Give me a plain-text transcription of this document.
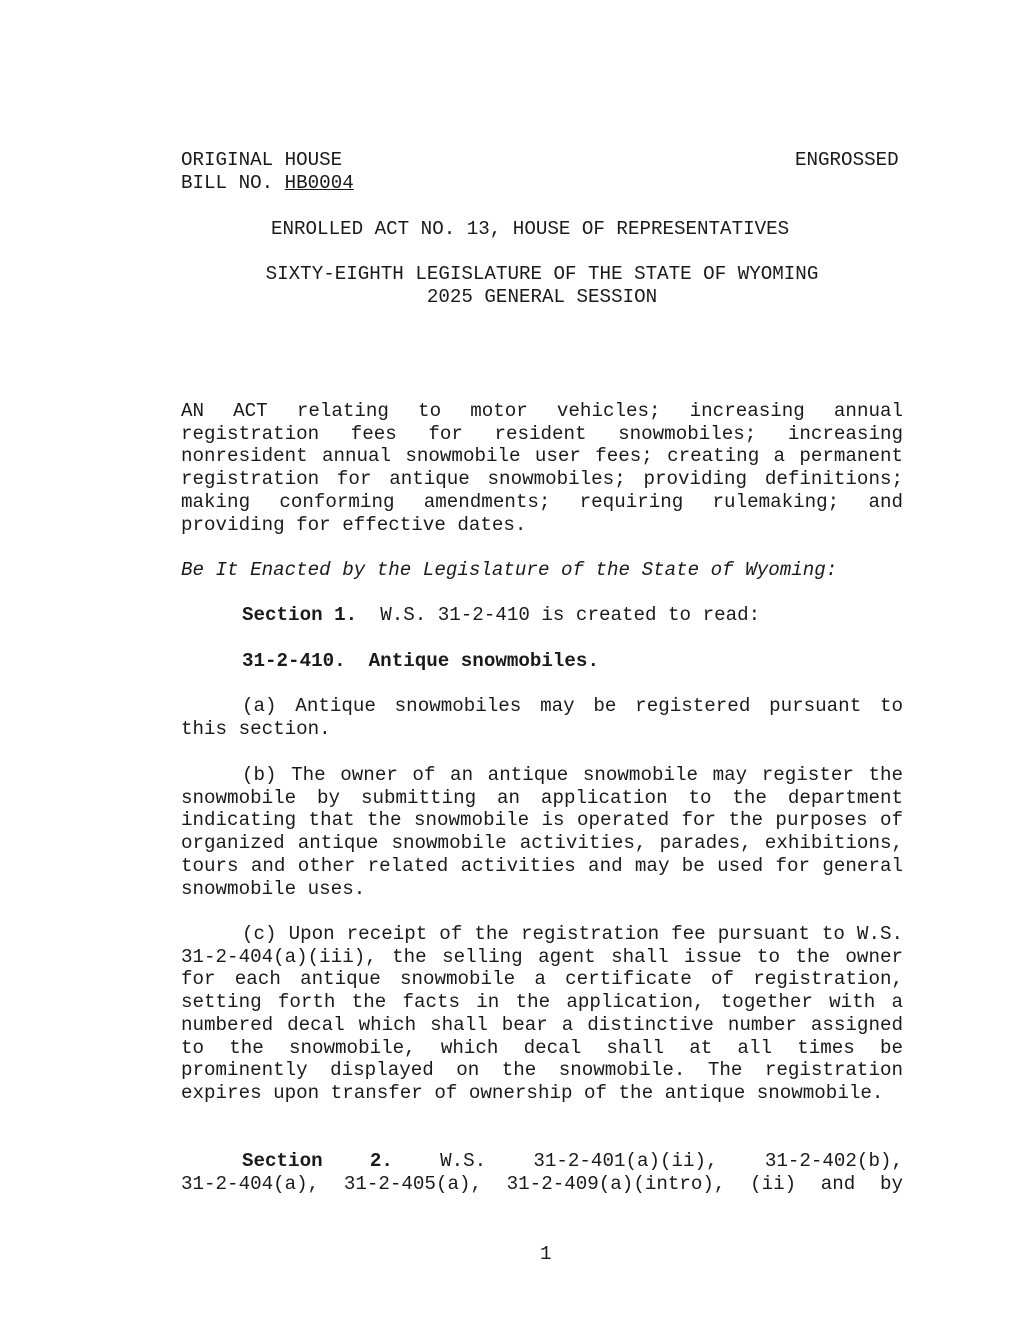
ORIGINAL HOUSE	ENGROSSED
BILL NO. HB0004
ENROLLED ACT NO. 13, HOUSE OF REPRESENTATIVES
SIXTY-EIGHTH LEGISLATURE OF THE STATE OF WYOMING
2025 GENERAL SESSION
AN ACT relating to motor vehicles; increasing annual registration fees for resident snowmobiles; increasing nonresident annual snowmobile user fees; creating a permanent registration for antique snowmobiles; providing definitions; making conforming amendments; requiring rulemaking; and providing for effective dates.
Be It Enacted by the Legislature of the State of Wyoming:
Section 1. W.S. 31-2-410 is created to read:
31-2-410. Antique snowmobiles.
(a) Antique snowmobiles may be registered pursuant to this section.
(b) The owner of an antique snowmobile may register the snowmobile by submitting an application to the department indicating that the snowmobile is operated for the purposes of organized antique snowmobile activities, parades, exhibitions, tours and other related activities and may be used for general snowmobile uses.
(c) Upon receipt of the registration fee pursuant to W.S. 31-2-404(a)(iii), the selling agent shall issue to the owner for each antique snowmobile a certificate of registration, setting forth the facts in the application, together with a numbered decal which shall bear a distinctive number assigned to the snowmobile, which decal shall at all times be prominently displayed on the snowmobile. The registration expires upon transfer of ownership of the antique snowmobile.
Section 2. W.S. 31-2-401(a)(ii), 31-2-402(b),
31-2-404(a), 31-2-405(a), 31-2-409(a)(intro), (ii) and by
1
